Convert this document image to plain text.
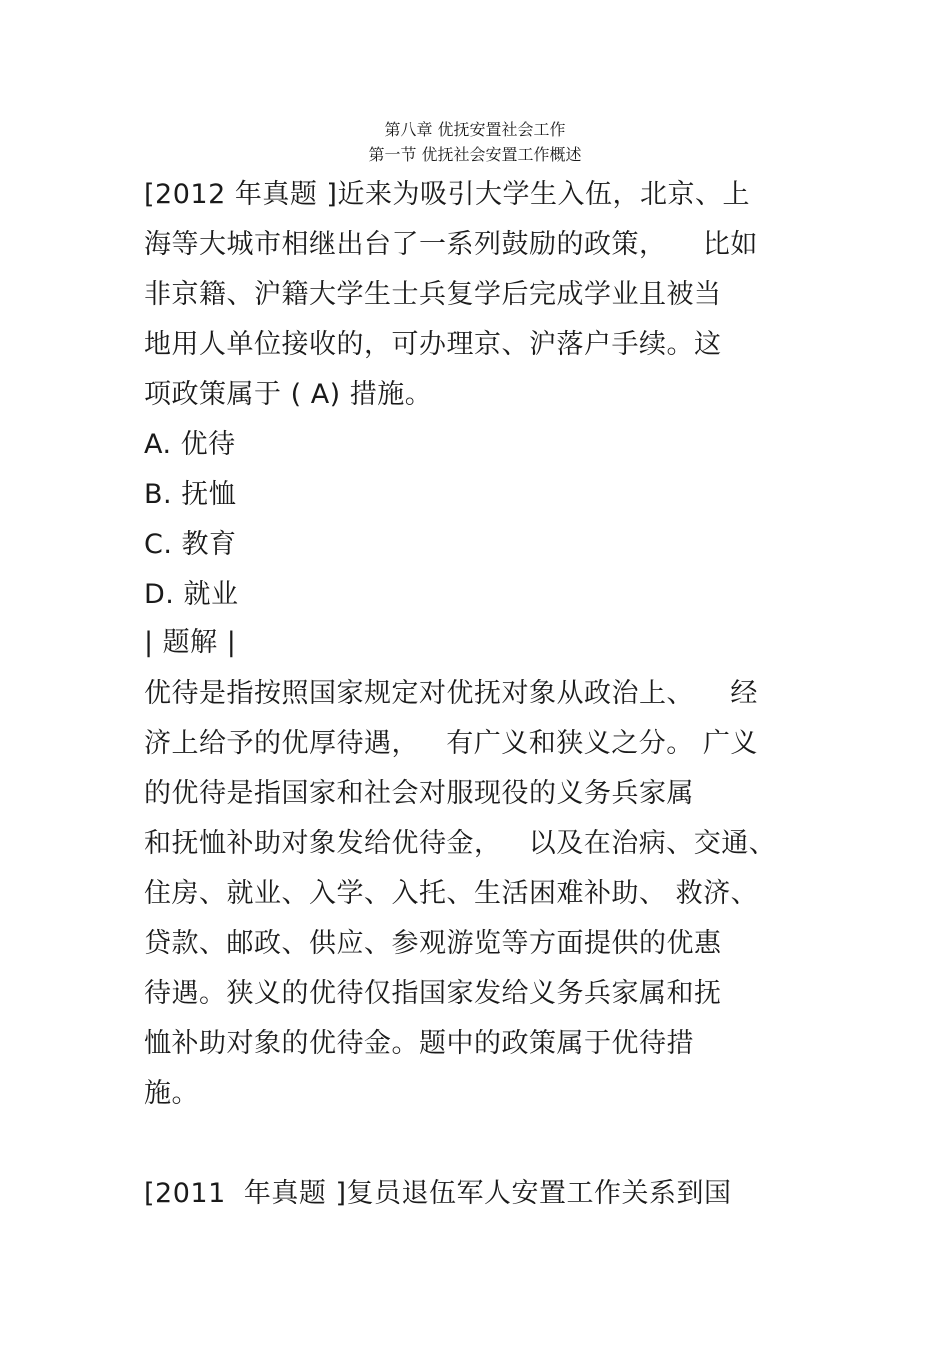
第八章 优抚安置社会工作
第一节 优抚社会安置工作概述
[2012 年真题 ]近来为吸引大学生入伍，北京、上
海等大城市相继出台了一系列鼓励的政策，    比如
非京籍、沪籍大学生士兵复学后完成学业且被当
地用人单位接收的，可办理京、沪落户手续。这
项政策属于 ( A) 措施。
A. 优待
B. 抚恤
C. 教育
D. 就业
| 题解 |
优待是指按照国家规定对优抚对象从政治上、    经
济上给予的优厚待遇，   有广义和狭义之分。 广义
的优待是指国家和社会对服现役的义务兵家属
和抚恤补助对象发给优待金，   以及在治病、交通、
住房、就业、入学、入托、生活困难补助、 救济、
贷款、邮政、供应、参观游览等方面提供的优惠
待遇。狭义的优待仅指国家发给义务兵家属和抚
恤补助对象的优待金。题中的政策属于优待措
施。
[2011  年真题 ]复员退伍军人安置工作关系到国
